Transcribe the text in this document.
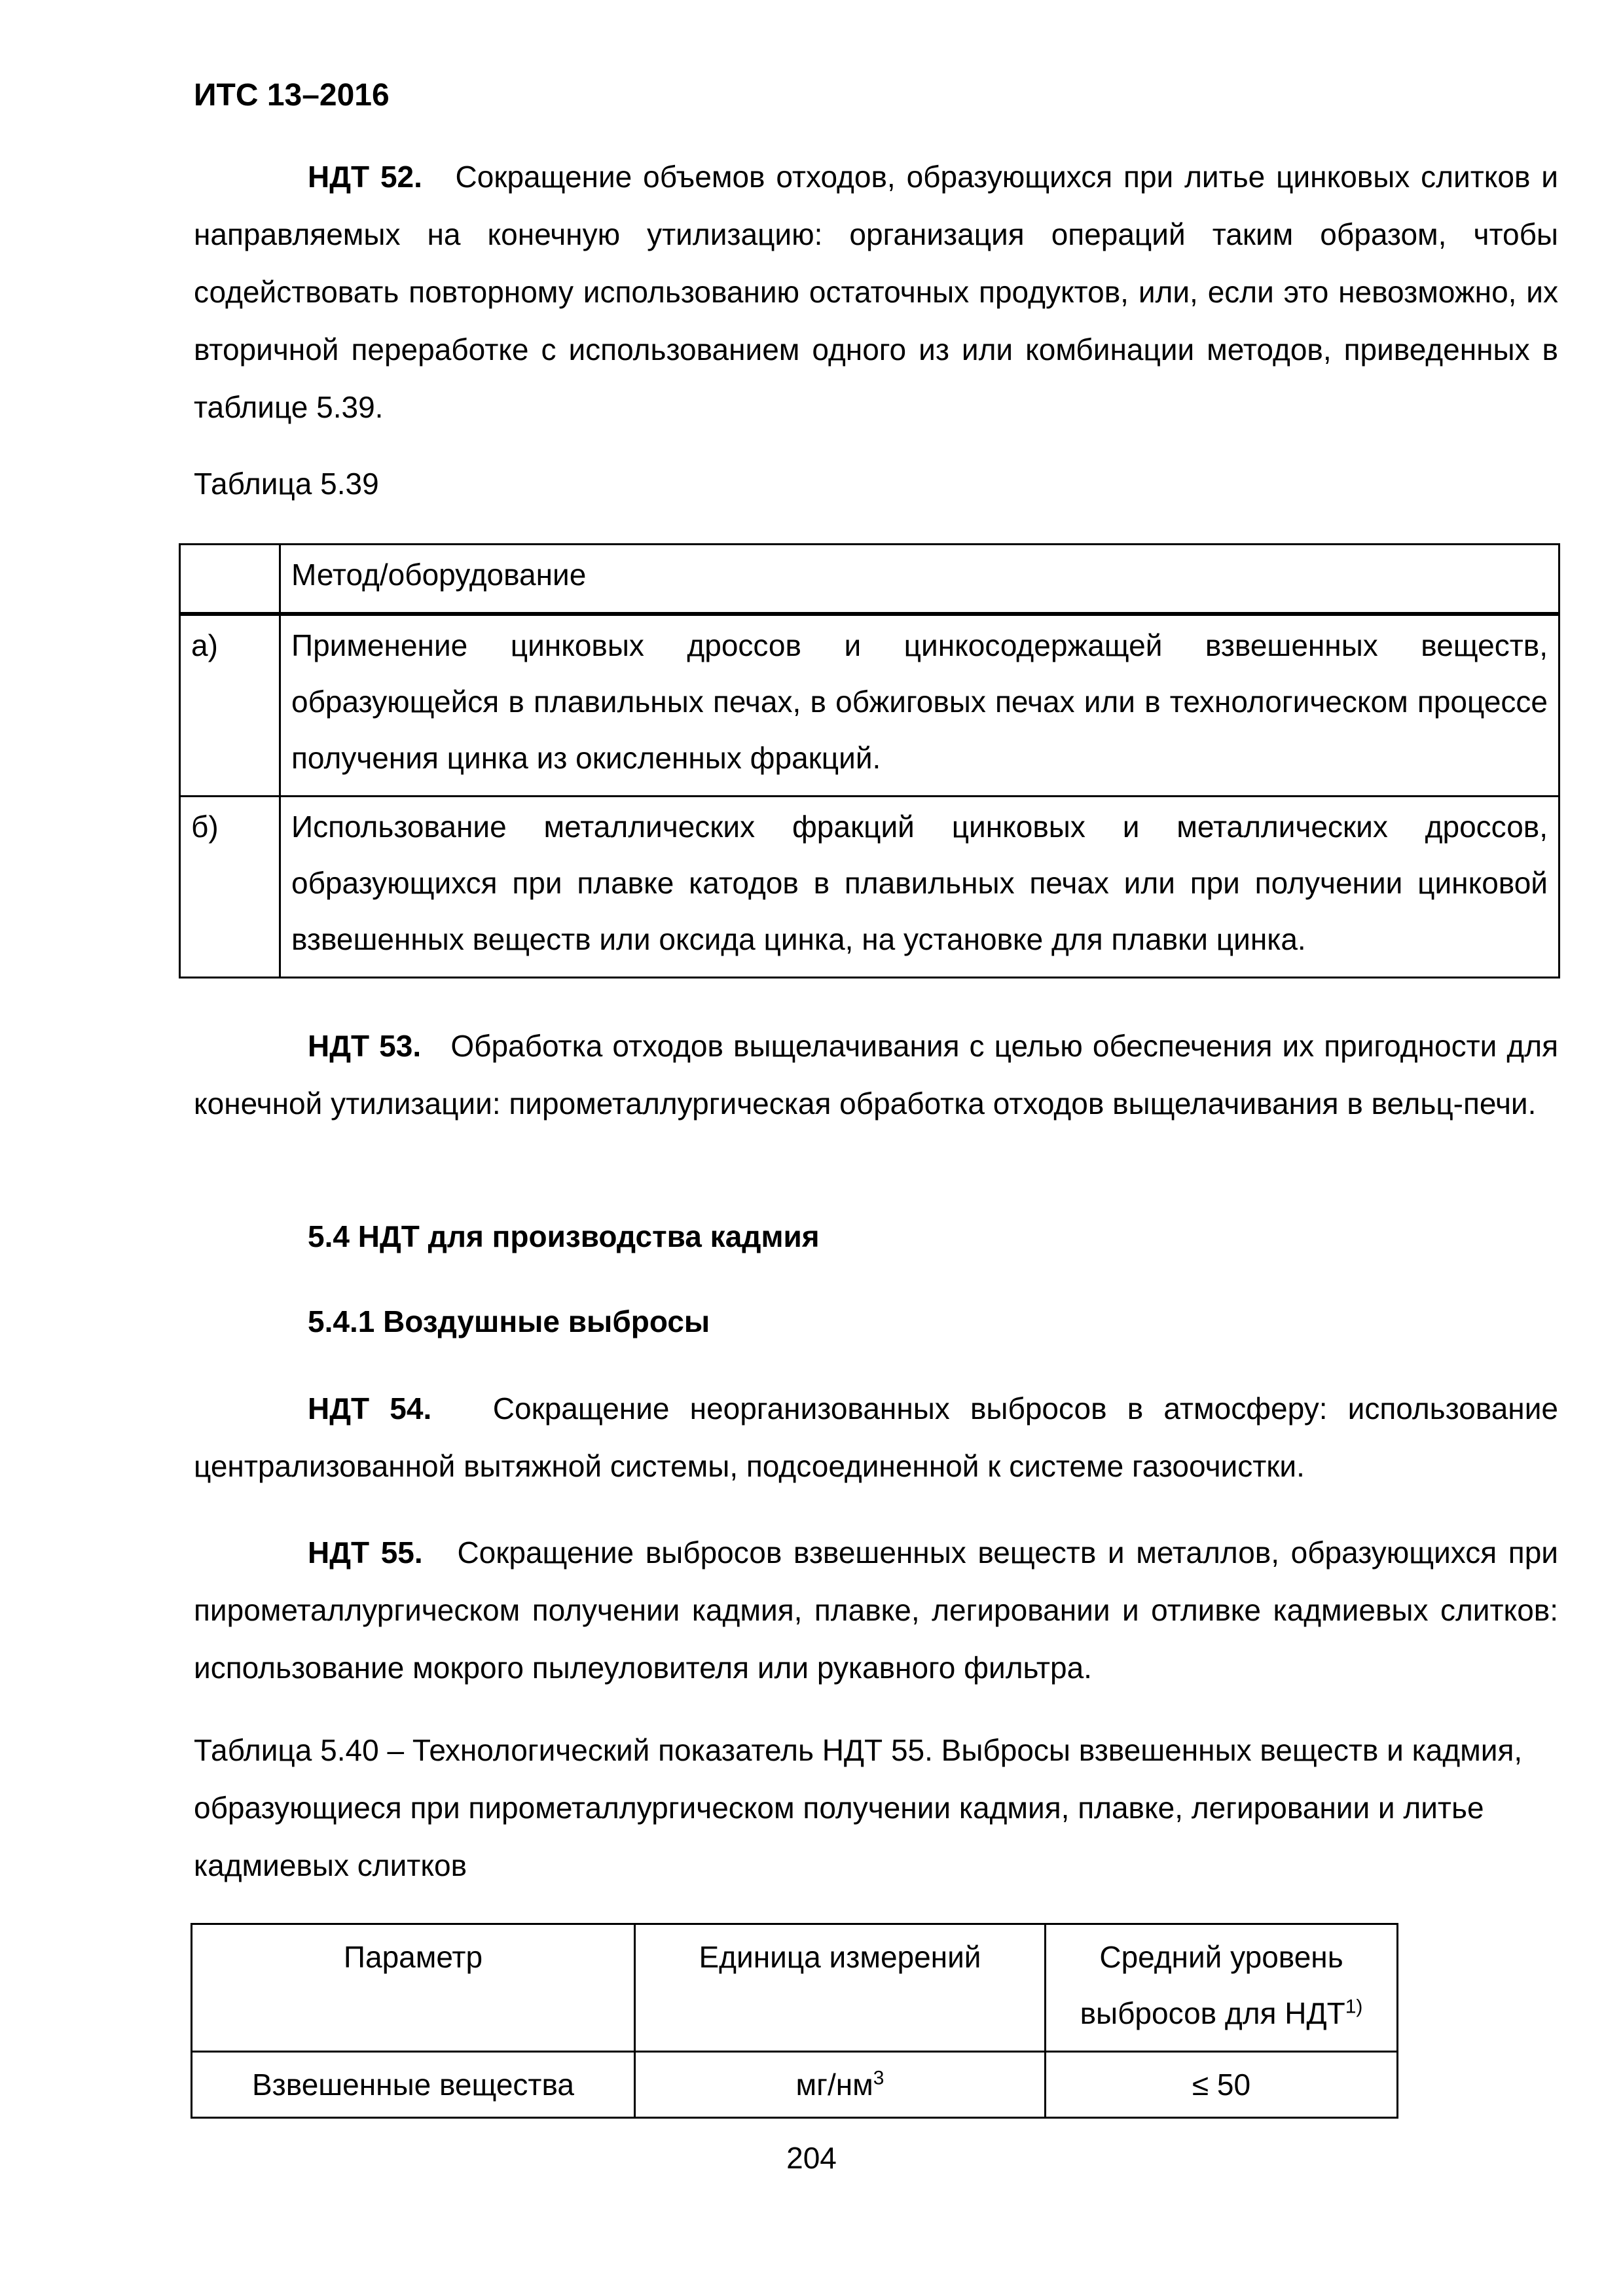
ИТС 13–2016
НДТ 52. Сокращение объемов отходов, образующихся при литье цинковых слитков и направляемых на конечную утилизацию: организация операций таким образом, чтобы содействовать повторному использованию остаточных продуктов, или, если это невозможно, их вторичной переработке с использованием одного из или комбинации методов, приведенных в таблице 5.39.
Таблица 5.39
	Метод/оборудование
а)	Применение цинковых дроссов и цинкосодержащей взвешенных веществ, образующейся в плавильных печах, в обжиговых печах или в технологическом процессе получения цинка из окисленных фракций.
б)	Использование металлических фракций цинковых и металлических дроссов, образующихся при плавке катодов в плавильных печах или при получении цинковой взвешенных веществ или оксида цинка, на установке для плавки цинка.
НДТ 53. Обработка отходов выщелачивания с целью обеспечения их пригодности для конечной утилизации: пирометаллургическая обработка отходов выщелачивания в вельц-печи.
5.4 НДТ для производства кадмия
5.4.1 Воздушные выбросы
НДТ 54. Сокращение неорганизованных выбросов в атмосферу: использование централизованной вытяжной системы, подсоединенной к системе газоочистки.
НДТ 55. Сокращение выбросов взвешенных веществ и металлов, образующихся при пирометаллургическом получении кадмия, плавке, легировании и отливке кадмиевых слитков: использование мокрого пылеуловителя или рукавного фильтра.
Таблица 5.40 – Технологический показатель НДТ 55. Выбросы взвешенных веществ и кадмия, образующиеся при пирометаллургическом получении кадмия, плавке, легировании и литье кадмиевых слитков
Параметр	Единица измерений	Средний уровень выбросов для НДТ$^{1)}$
Взвешенные вещества	$мг/нм^3$	≤ 50
204
